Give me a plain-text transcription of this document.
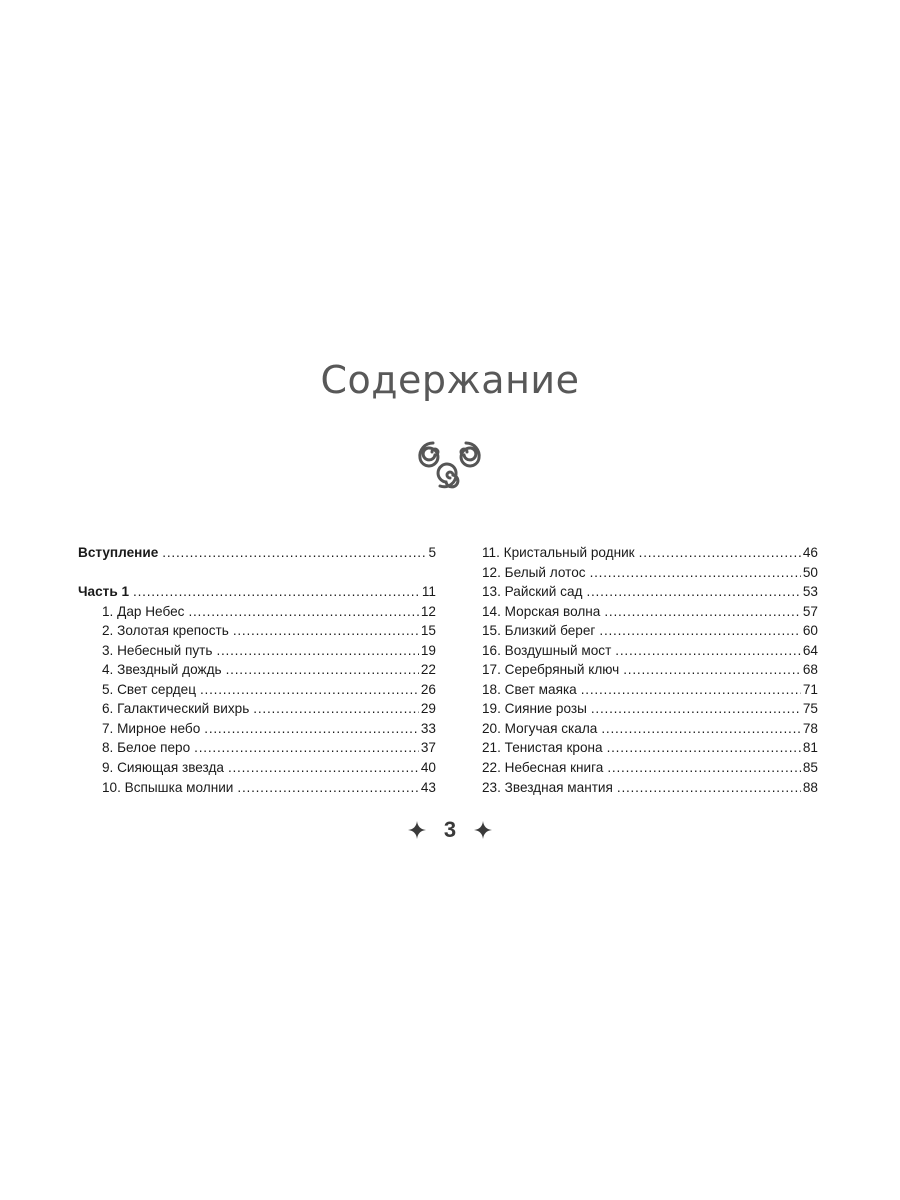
Содержание
Вступление . . .	5
Часть 1 . . .	11
1. Дар Небес . . .	12
2. Золотая крепость . . .	15
3. Небесный путь . . .	19
4. Звездный дождь . . .	22
5. Свет сердец . . .	26
6. Галактический вихрь . . .	29
7. Мирное небо . . .	33
8. Белое перо . . .	37
9. Сияющая звезда . . .	40
10. Вспышка молнии . . .	43
11. Кристальный родник . . .	46
12. Белый лотос . . .	50
13. Райский сад . . .	53
14. Морская волна . . .	57
15. Близкий берег . . .	60
16. Воздушный мост . . .	64
17. Серебряный ключ . . .	68
18. Свет маяка . . .	71
19. Сияние розы . . .	75
20. Могучая скала . . .	78
21. Тенистая крона . . .	81
22. Небесная книга . . .	85
23. Звездная мантия . . .	88
3
